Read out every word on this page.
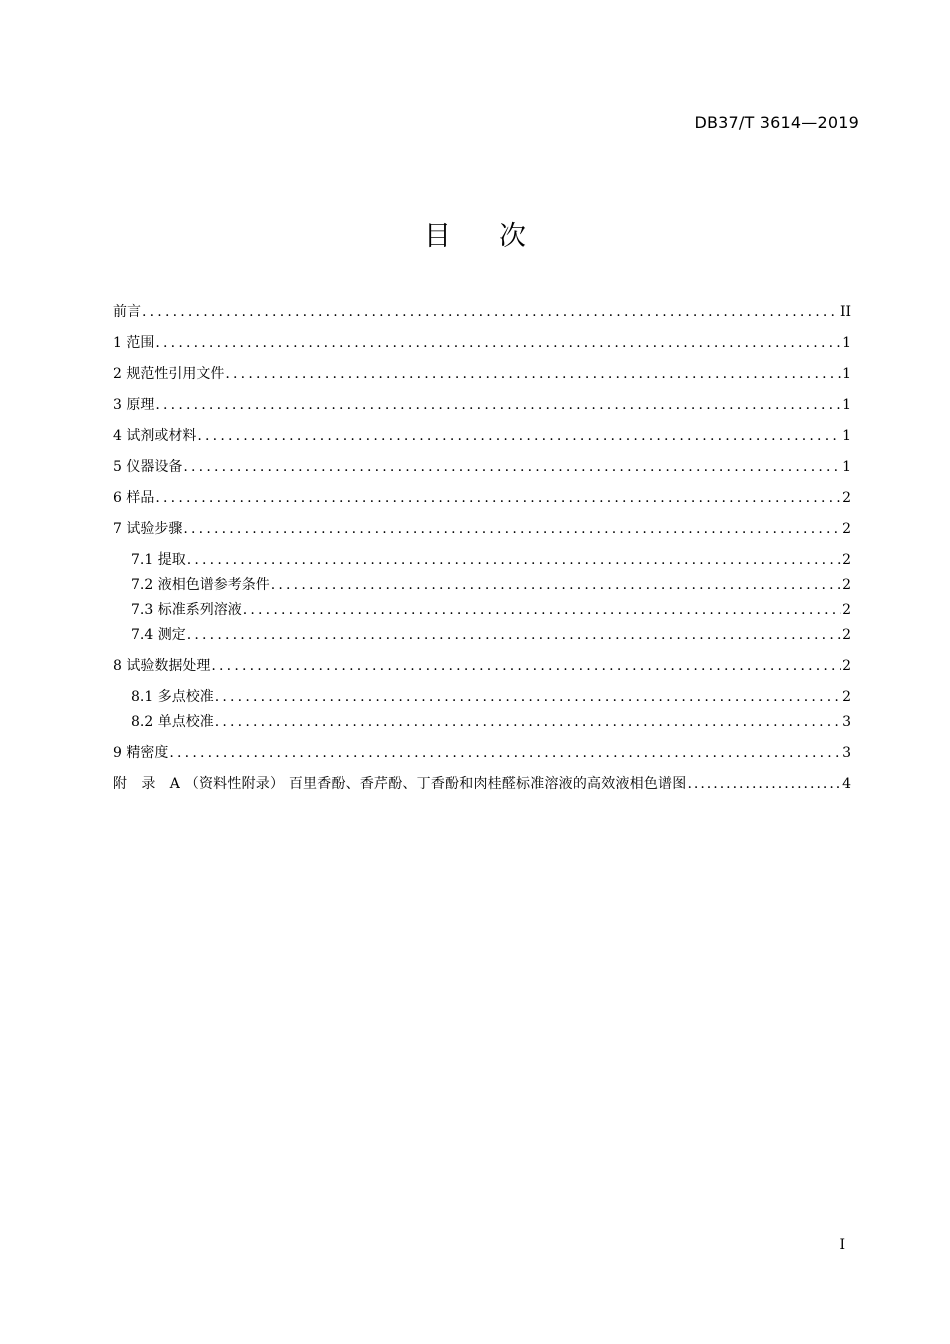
DB37/T 3614—2019
目 次
前言 .....	II
1 范围 .....	1
2 规范性引用文件 .....	1
3 原理 .....	1
4 试剂或材料 .....	1
5 仪器设备 .....	1
6 样品 .....	2
7 试验步骤 .....	2
7.1 提取 .....	2
7.2 液相色谱参考条件 .....	2
7.3 标准系列溶液 .....	2
7.4 测定 .....	2
8 试验数据处理 .....	2
8.1 多点校准 .....	2
8.2 单点校准 .....	3
9 精密度 .....	3
附　录　A （资料性附录） 百里香酚、香芹酚、丁香酚和肉桂醛标准溶液的高效液相色谱图 .....	4
I
